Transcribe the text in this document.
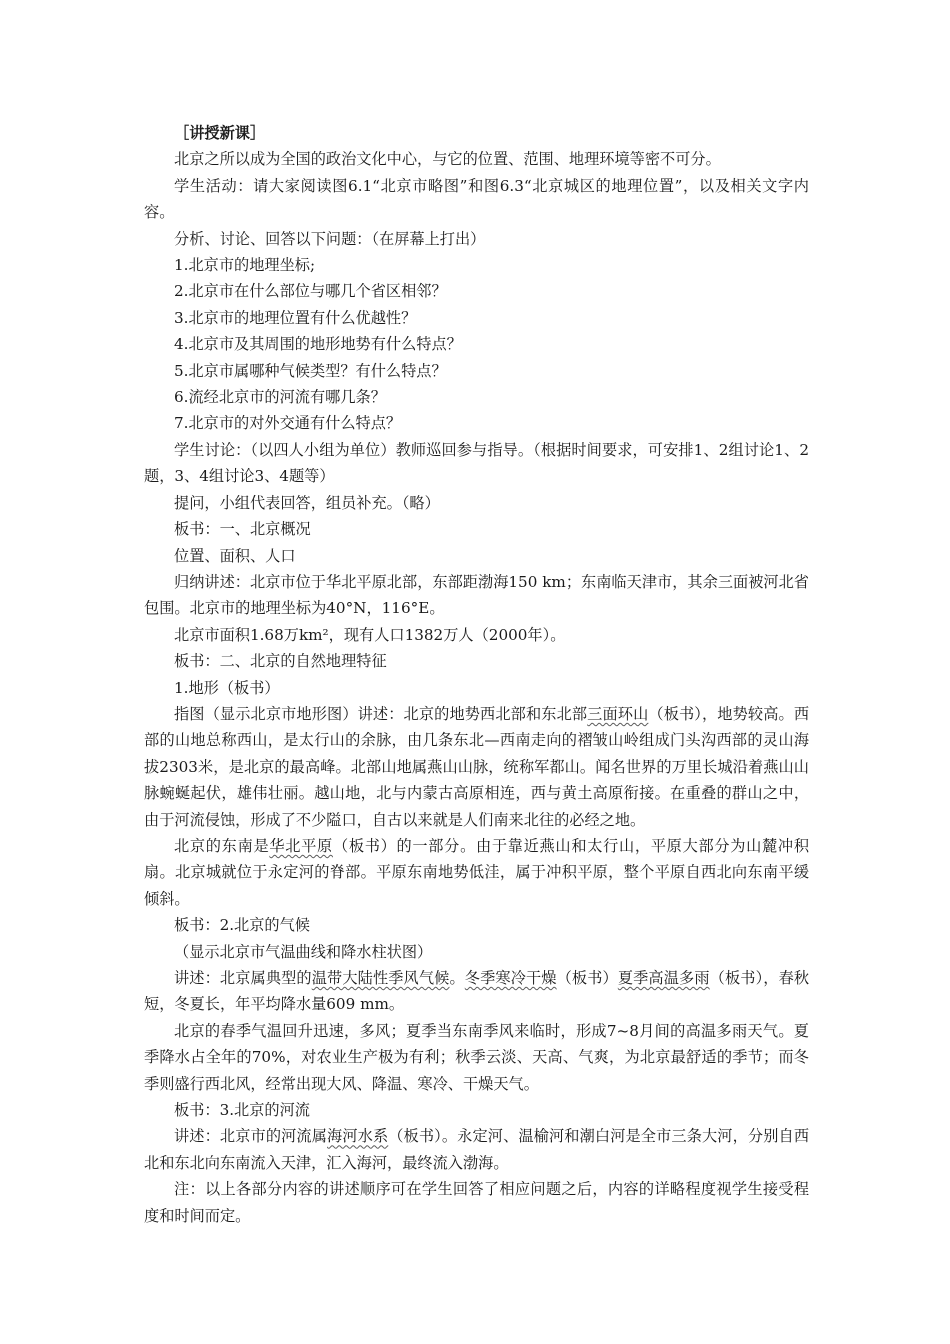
［讲授新课］

北京之所以成为全国的政治文化中心，与它的位置、范围、地理环境等密不可分。

学生活动：请大家阅读图6.1“北京市略图”和图6.3“北京城区的地理位置”，以及相关文字内容。

分析、讨论、回答以下问题：（在屏幕上打出）

1.北京市的地理坐标;

2.北京市在什么部位与哪几个省区相邻？

3.北京市的地理位置有什么优越性？

4.北京市及其周围的地形地势有什么特点？

5.北京市属哪种气候类型？有什么特点？

6.流经北京市的河流有哪几条？

7.北京市的对外交通有什么特点？

学生讨论：（以四人小组为单位）教师巡回参与指导。（根据时间要求，可安排1、2组讨论1、2题，3、4组讨论3、4题等）

提问，小组代表回答，组员补充。（略）

板书：一、北京概况

位置、面积、人口

归纳讲述：北京市位于华北平原北部，东部距渤海150 km；东南临天津市，其余三面被河北省包围。北京市的地理坐标为40°N，116°E。

北京市面积1.68万km²，现有人口1382万人（2000年）。

板书：二、北京的自然地理特征

1.地形（板书）

指图（显示北京市地形图）讲述：北京的地势西北部和东北部三面环山（板书），地势较高。西部的山地总称西山，是太行山的余脉，由几条东北—西南走向的褶皱山岭组成门头沟西部的灵山海拔2303米，是北京的最高峰。北部山地属燕山山脉，统称军都山。闻名世界的万里长城沿着燕山山脉蜿蜒起伏，雄伟壮丽。越山地，北与内蒙古高原相连，西与黄土高原衔接。在重叠的群山之中，由于河流侵蚀，形成了不少隘口，自古以来就是人们南来北往的必经之地。

北京的东南是华北平原（板书）的一部分。由于靠近燕山和太行山，平原大部分为山麓冲积扇。北京城就位于永定河的脊部。平原东南地势低洼，属于冲积平原，整个平原自西北向东南平缓倾斜。

板书：2.北京的气候

（显示北京市气温曲线和降水柱状图）

讲述：北京属典型的温带大陆性季风气候。冬季寒冷干燥（板书）夏季高温多雨（板书），春秋短，冬夏长，年平均降水量609 mm。

北京的春季气温回升迅速，多风；夏季当东南季风来临时，形成7~8月间的高温多雨天气。夏季降水占全年的70%，对农业生产极为有利；秋季云淡、天高、气爽，为北京最舒适的季节；而冬季则盛行西北风，经常出现大风、降温、寒冷、干燥天气。

板书：3.北京的河流

讲述：北京市的河流属海河水系（板书）。永定河、温榆河和潮白河是全市三条大河，分别自西北和东北向东南流入天津，汇入海河，最终流入渤海。

注：以上各部分内容的讲述顺序可在学生回答了相应问题之后，内容的详略程度视学生接受程度和时间而定。
